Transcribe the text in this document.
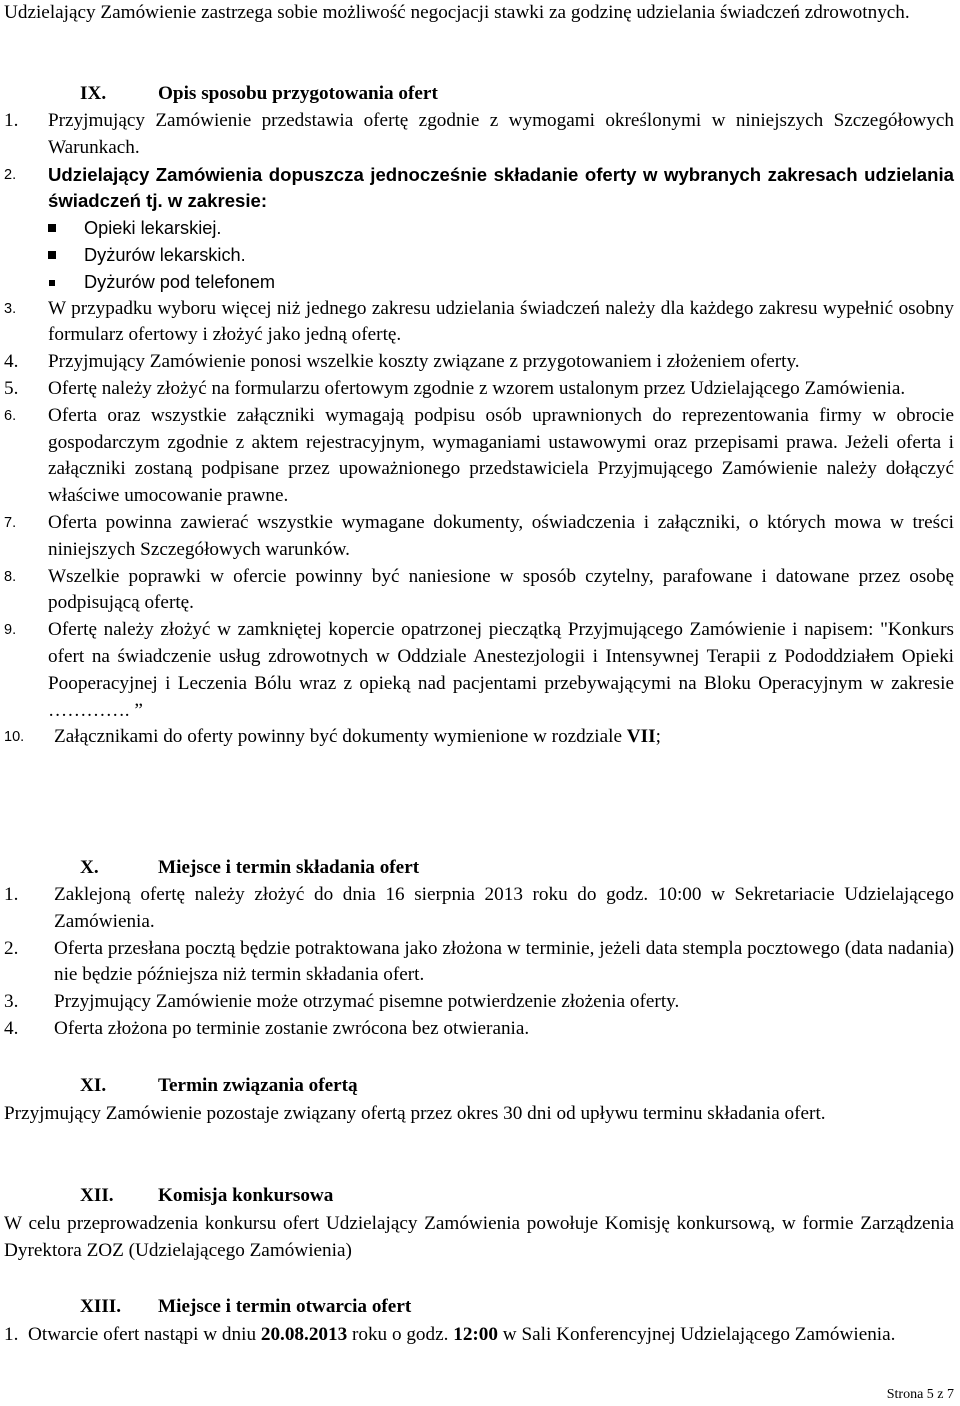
Udzielający Zamówienie zastrzega sobie możliwość negocjacji stawki za godzinę udzielania świadczeń zdrowotnych.
IX.	Opis sposobu przygotowania ofert
1. Przyjmujący Zamówienie przedstawia ofertę zgodnie z wymogami określonymi w niniejszych Szczegółowych Warunkach.
2. Udzielający Zamówienia dopuszcza jednocześnie składanie oferty w wybranych zakresach udzielania świadczeń tj. w zakresie:
Opieki lekarskiej.
Dyżurów lekarskich.
Dyżurów pod telefonem
3. W przypadku wyboru więcej niż jednego zakresu udzielania świadczeń należy dla każdego zakresu wypełnić osobny formularz ofertowy i złożyć jako jedną ofertę.
4. Przyjmujący Zamówienie ponosi wszelkie koszty związane z przygotowaniem i złożeniem oferty.
5. Ofertę należy złożyć na formularzu ofertowym zgodnie z wzorem ustalonym przez Udzielającego Zamówienia.
6. Oferta oraz wszystkie załączniki wymagają podpisu osób uprawnionych do reprezentowania firmy w obrocie gospodarczym zgodnie z aktem rejestracyjnym, wymaganiami ustawowymi oraz przepisami prawa. Jeżeli oferta i załączniki zostaną podpisane przez upoważnionego przedstawiciela Przyjmującego Zamówienie należy dołączyć właściwe umocowanie prawne.
7. Oferta powinna zawierać wszystkie wymagane dokumenty, oświadczenia i załączniki, o których mowa w treści niniejszych Szczegółowych warunków.
8. Wszelkie poprawki w ofercie powinny być naniesione w sposób czytelny, parafowane i datowane przez osobę podpisującą ofertę.
9. Ofertę należy złożyć w zamkniętej kopercie opatrzonej pieczątką Przyjmującego Zamówienie i napisem: "Konkurs ofert na świadczenie usług zdrowotnych w Oddziale Anestezjologii i Intensywnej Terapii z Pododdziałem Opieki Pooperacyjnej i Leczenia Bólu wraz z opieką nad pacjentami przebywającymi na Bloku Operacyjnym w zakresie …………. ”
10. Załącznikami do oferty powinny być dokumenty wymienione w rozdziale VII;
X.	Miejsce i termin składania ofert
1. Zaklejoną ofertę należy złożyć do dnia 16 sierpnia 2013 roku do godz. 10:00 w Sekretariacie Udzielającego Zamówienia.
2. Oferta przesłana pocztą będzie potraktowana jako złożona w terminie, jeżeli data stempla pocztowego (data nadania) nie będzie późniejsza niż termin składania ofert.
3. Przyjmujący Zamówienie może otrzymać pisemne potwierdzenie złożenia oferty.
4. Oferta złożona po terminie zostanie zwrócona bez otwierania.
XI.	Termin związania ofertą
Przyjmujący Zamówienie pozostaje związany ofertą przez okres 30 dni od upływu terminu składania ofert.
XII. Komisja konkursowa
W celu przeprowadzenia konkursu ofert Udzielający Zamówienia powołuje Komisję konkursową, w formie Zarządzenia Dyrektora ZOZ (Udzielającego Zamówienia)
XIII. Miejsce i termin otwarcia ofert
1. Otwarcie ofert nastąpi w dniu 20.08.2013 roku o godz. 12:00 w Sali Konferencyjnej Udzielającego Zamówienia.
Strona 5 z 7
